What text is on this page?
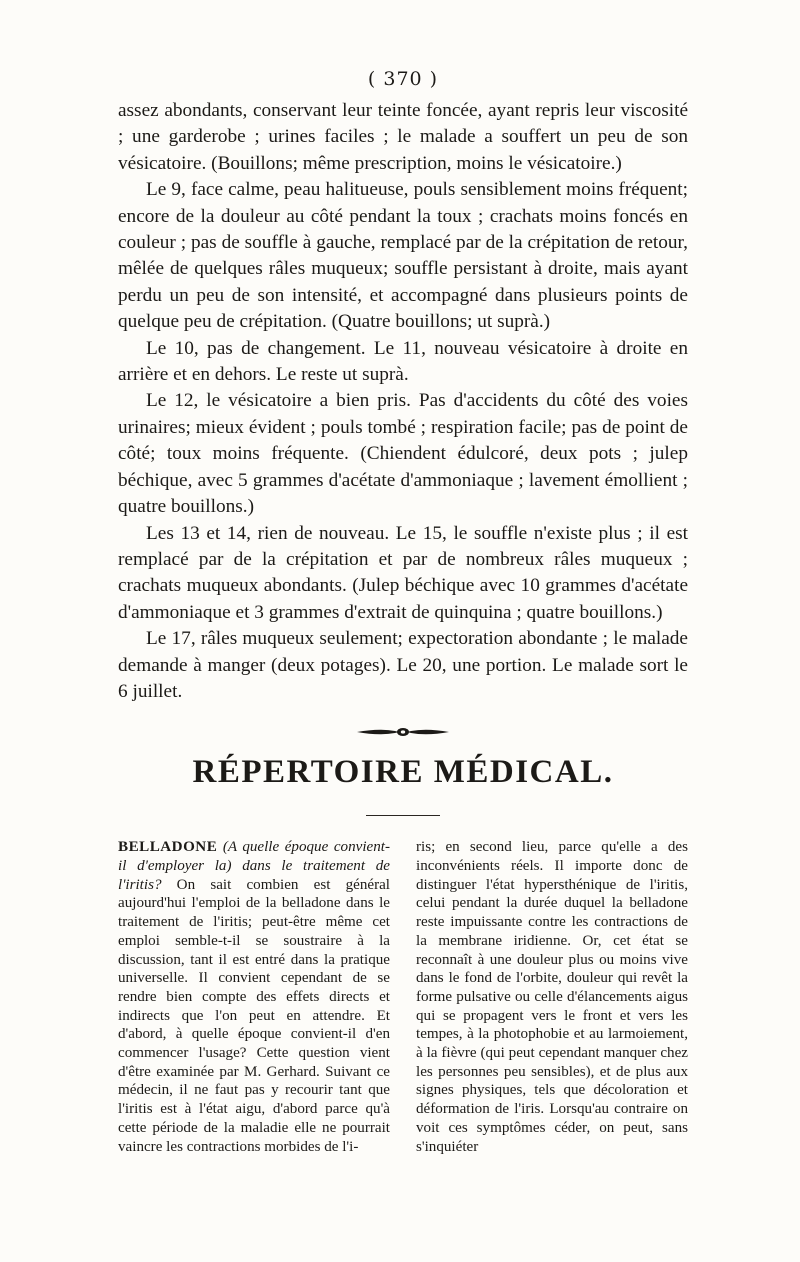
( 370 )

assez abondants, conservant leur teinte foncée, ayant repris leur viscosité ; une garderobe ; urines faciles ; le malade a souffert un peu de son vésicatoire. (Bouillons; même prescription, moins le vésicatoire.)

Le 9, face calme, peau halitueuse, pouls sensiblement moins fréquent; encore de la douleur au côté pendant la toux ; crachats moins foncés en couleur ; pas de souffle à gauche, remplacé par de la crépitation de retour, mêlée de quelques râles muqueux; souffle persistant à droite, mais ayant perdu un peu de son intensité, et accompagné dans plusieurs points de quelque peu de crépitation. (Quatre bouillons; ut suprà.)

Le 10, pas de changement. Le 11, nouveau vésicatoire à droite en arrière et en dehors. Le reste ut suprà.

Le 12, le vésicatoire a bien pris. Pas d'accidents du côté des voies urinaires; mieux évident ; pouls tombé ; respiration facile; pas de point de côté; toux moins fréquente. (Chiendent édulcoré, deux pots ; julep béchique, avec 5 grammes d'acétate d'ammoniaque ; lavement émollient ; quatre bouillons.)

Les 13 et 14, rien de nouveau. Le 15, le souffle n'existe plus ; il est remplacé par de la crépitation et par de nombreux râles muqueux ; crachats muqueux abondants. (Julep béchique avec 10 grammes d'acétate d'ammoniaque et 3 grammes d'extrait de quinquina ; quatre bouillons.)

Le 17, râles muqueux seulement; expectoration abondante ; le malade demande à manger (deux potages). Le 20, une portion. Le malade sort le 6 juillet.

RÉPERTOIRE MÉDICAL.

BELLADONE (A quelle époque convient-il d'employer la) dans le traitement de l'iritis? On sait combien est général aujourd'hui l'emploi de la belladone dans le traitement de l'iritis; peut-être même cet emploi semble-t-il se soustraire à la discussion, tant il est entré dans la pratique universelle. Il convient cependant de se rendre bien compte des effets directs et indirects que l'on peut en attendre. Et d'abord, à quelle époque convient-il d'en commencer l'usage? Cette question vient d'être examinée par M. Gerhard. Suivant ce médecin, il ne faut pas y recourir tant que l'iritis est à l'état aigu, d'abord parce qu'à cette période de la maladie elle ne pourrait vaincre les contractions morbides de l'i-

ris; en second lieu, parce qu'elle a des inconvénients réels. Il importe donc de distinguer l'état hypersthénique de l'iritis, celui pendant la durée duquel la belladone reste impuissante contre les contractions de la membrane iridienne. Or, cet état se reconnaît à une douleur plus ou moins vive dans le fond de l'orbite, douleur qui revêt la forme pulsative ou celle d'élancements aigus qui se propagent vers le front et vers les tempes, à la photophobie et au larmoiement, à la fièvre (qui peut cependant manquer chez les personnes peu sensibles), et de plus aux signes physiques, tels que décoloration et déformation de l'iris. Lorsqu'au contraire on voit ces symptômes céder, on peut, sans s'inquiéter
